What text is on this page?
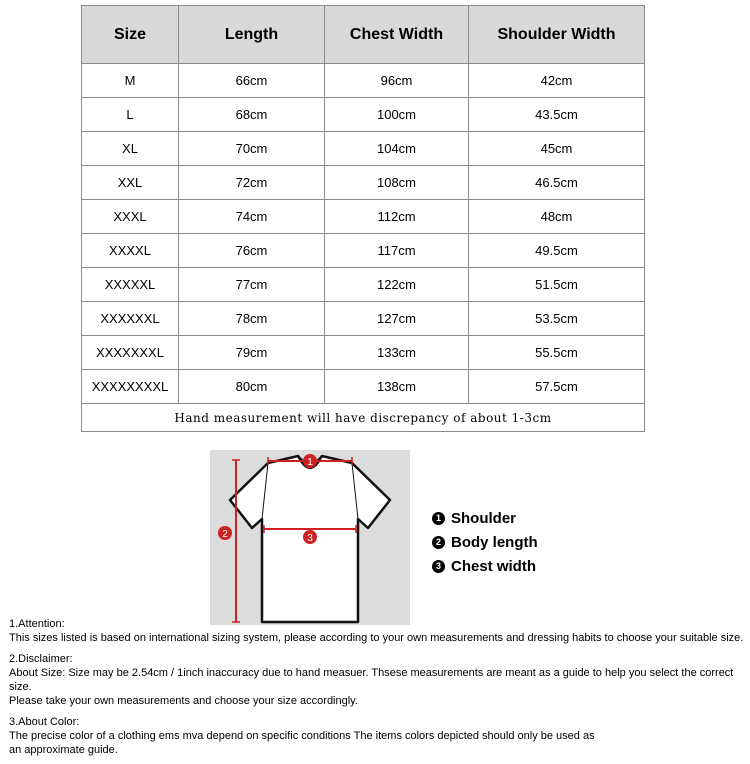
Size	Length	Chest Width	Shoulder Width
M	66cm	96cm	42cm
L	68cm	100cm	43.5cm
XL	70cm	104cm	45cm
XXL	72cm	108cm	46.5cm
XXXL	74cm	112cm	48cm
XXXXL	76cm	117cm	49.5cm
XXXXXL	77cm	122cm	51.5cm
XXXXXXL	78cm	127cm	53.5cm
XXXXXXXL	79cm	133cm	55.5cm
XXXXXXXXL	80cm	138cm	57.5cm
Hand measurement will have discrepancy of about 1-3cm			
1
2	3
1 Shoulder
2 Body length
3 Chest width

1.Attention:

This sizes listed is based on international sizing system, please according to your own measurements and dressing habits to choose your suitable size.

2.Disclaimer:

About Size: Size may be 2.54cm / 1inch inaccuracy due to hand measuer. Thsese measurements are meant as a guide to help you select the correct size.

Please take your own measurements and choose your size accordingly.

3.About Color:

The precise color of a clothing ems mva depend on specific conditions The items colors depicted should only be used as

an approximate guide.
